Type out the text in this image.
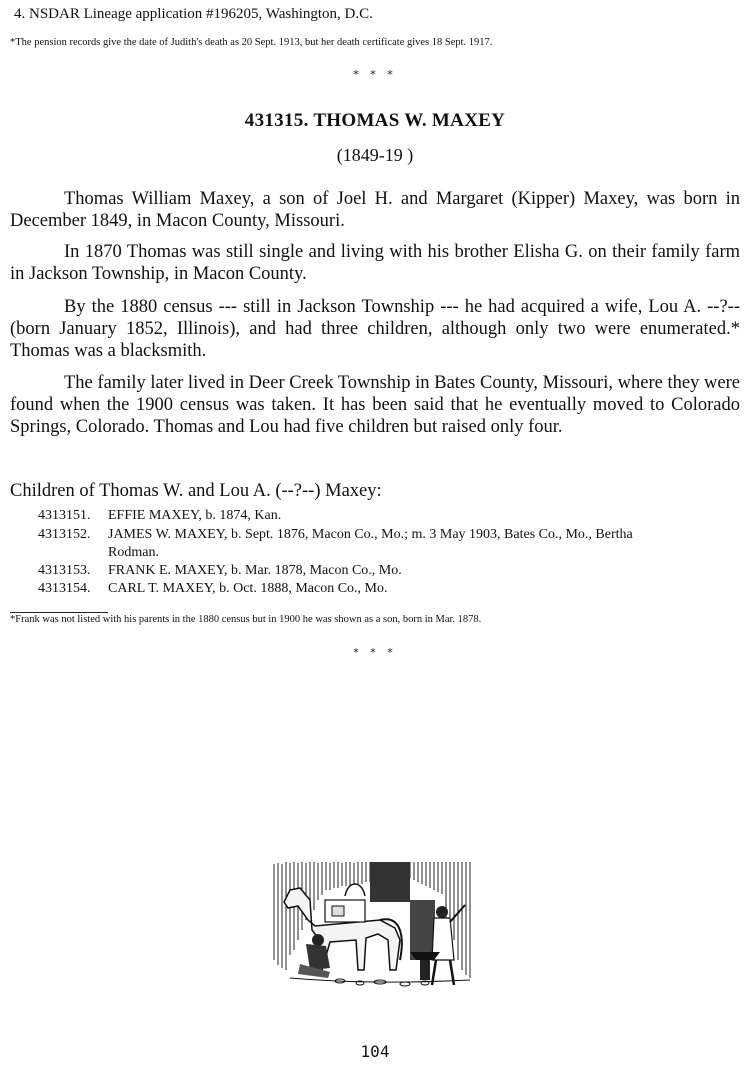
4. NSDAR Lineage application #196205, Washington, D.C.
*The pension records give the date of Judith's death as 20 Sept. 1913, but her death certificate gives 18 Sept. 1917.
* * *
431315. THOMAS W. MAXEY
(1849-19 )
Thomas William Maxey, a son of Joel H. and Margaret (Kipper) Maxey, was born in December 1849, in Macon County, Missouri.
In 1870 Thomas was still single and living with his brother Elisha G. on their family farm in Jackson Township, in Macon County.
By the 1880 census --- still in Jackson Township --- he had acquired a wife, Lou A. --?-- (born January 1852, Illinois), and had three children, although only two were enumerated.* Thomas was a blacksmith.
The family later lived in Deer Creek Township in Bates County, Missouri, where they were found when the 1900 census was taken. It has been said that he eventually moved to Colorado Springs, Colorado. Thomas and Lou had five children but raised only four.
Children of Thomas W. and Lou A. (--?--) Maxey:
4313151. EFFIE MAXEY, b. 1874, Kan.
4313152. JAMES W. MAXEY, b. Sept. 1876, Macon Co., Mo.; m. 3 May 1903, Bates Co., Mo., Bertha
Rodman.
4313153. FRANK E. MAXEY, b. Mar. 1878, Macon Co., Mo.
4313154. CARL T. MAXEY, b. Oct. 1888, Macon Co., Mo.
*Frank was not listed with his parents in the 1880 census but in 1900 he was shown as a son, born in Mar. 1878.
* * *
104
